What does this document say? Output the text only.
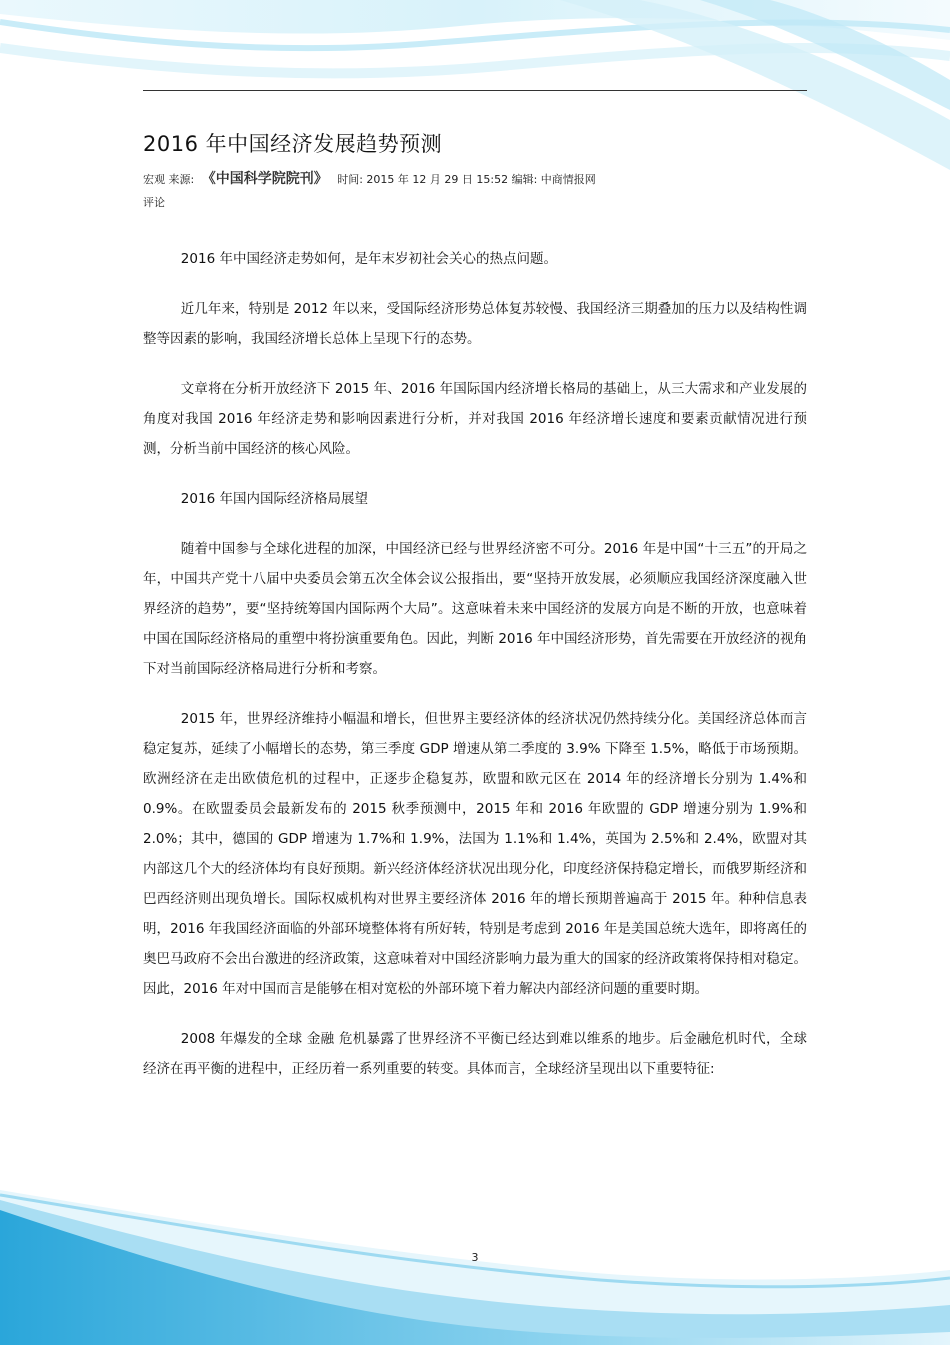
2016 年中国经济发展趋势预测
宏观 来源: 《中国科学院院刊》 时间: 2015 年 12 月 29 日 15:52 编辑: 中商情报网
评论

2016 年中国经济走势如何，是年末岁初社会关心的热点问题。

近几年来，特别是 2012 年以来，受国际经济形势总体复苏较慢、我国经济三期叠加的压力以及结构性调整等因素的影响，我国经济增长总体上呈现下行的态势。

文章将在分析开放经济下 2015 年、2016 年国际国内经济增长格局的基础上，从三大需求和产业发展的角度对我国 2016 年经济走势和影响因素进行分析，并对我国 2016 年经济增长速度和要素贡献情况进行预测，分析当前中国经济的核心风险。

2016 年国内国际经济格局展望

随着中国参与全球化进程的加深，中国经济已经与世界经济密不可分。2016 年是中国“十三五”的开局之年，中国共产党十八届中央委员会第五次全体会议公报指出，要“坚持开放发展，必须顺应我国经济深度融入世界经济的趋势”，要“坚持统筹国内国际两个大局”。这意味着未来中国经济的发展方向是不断的开放，也意味着中国在国际经济格局的重塑中将扮演重要角色。因此，判断 2016 年中国经济形势，首先需要在开放经济的视角下对当前国际经济格局进行分析和考察。

2015 年，世界经济维持小幅温和增长，但世界主要经济体的经济状况仍然持续分化。美国经济总体而言稳定复苏，延续了小幅增长的态势，第三季度 GDP 增速从第二季度的 3.9% 下降至 1.5%，略低于市场预期。欧洲经济在走出欧债危机的过程中，正逐步企稳复苏，欧盟和欧元区在 2014 年的经济增长分别为 1.4%和 0.9%。在欧盟委员会最新发布的 2015 秋季预测中，2015 年和 2016 年欧盟的 GDP 增速分别为 1.9%和 2.0%；其中，德国的 GDP 增速为 1.7%和 1.9%，法国为 1.1%和 1.4%，英国为 2.5%和 2.4%，欧盟对其内部这几个大的经济体均有良好预期。新兴经济体经济状况出现分化，印度经济保持稳定增长，而俄罗斯经济和巴西经济则出现负增长。国际权威机构对世界主要经济体 2016 年的增长预期普遍高于 2015 年。种种信息表明，2016 年我国经济面临的外部环境整体将有所好转，特别是考虑到 2016 年是美国总统大选年，即将离任的奥巴马政府不会出台激进的经济政策，这意味着对中国经济影响力最为重大的国家的经济政策将保持相对稳定。因此，2016 年对中国而言是能够在相对宽松的外部环境下着力解决内部经济问题的重要时期。

2008 年爆发的全球 金融 危机暴露了世界经济不平衡已经达到难以维系的地步。后金融危机时代，全球经济在再平衡的进程中，正经历着一系列重要的转变。具体而言，全球经济呈现出以下重要特征:

3
